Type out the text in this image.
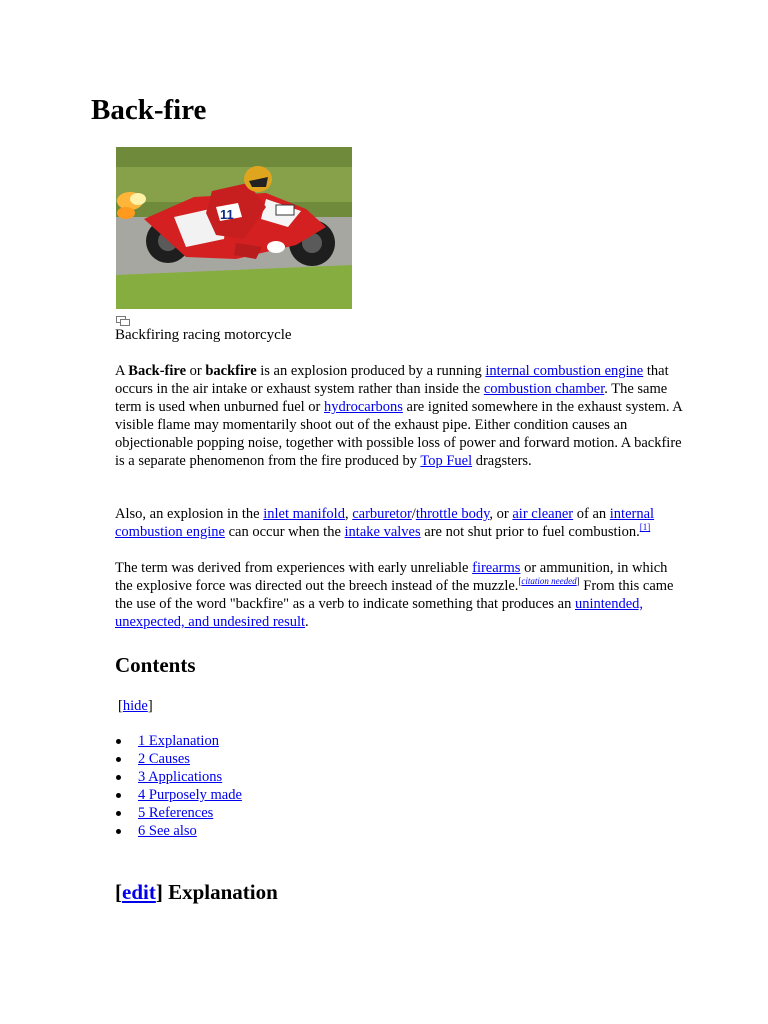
Back-fire
11
Backfiring racing motorcycle

A Back-fire or backfire is an explosion produced by a running internal combustion engine that occurs in the air intake or exhaust system rather than inside the combustion chamber. The same term is used when unburned fuel or hydrocarbons are ignited somewhere in the exhaust system. A visible flame may momentarily shoot out of the exhaust pipe. Either condition causes an objectionable popping noise, together with possible loss of power and forward motion. A backfire is a separate phenomenon from the fire produced by Top Fuel dragsters.

Also, an explosion in the inlet manifold, carburetor/throttle body, or air cleaner of an internal combustion engine can occur when the intake valves are not shut prior to fuel combustion.[1]

The term was derived from experiences with early unreliable firearms or ammunition, in which the explosive force was directed out the breech instead of the muzzle.[citation needed] From this came the use of the word "backfire" as a verb to indicate something that produces an unintended, unexpected, and undesired result.

Contents
[hide]
1 Explanation
2 Causes
3 Applications
4 Purposely made
5 References
6 See also
[edit] Explanation
